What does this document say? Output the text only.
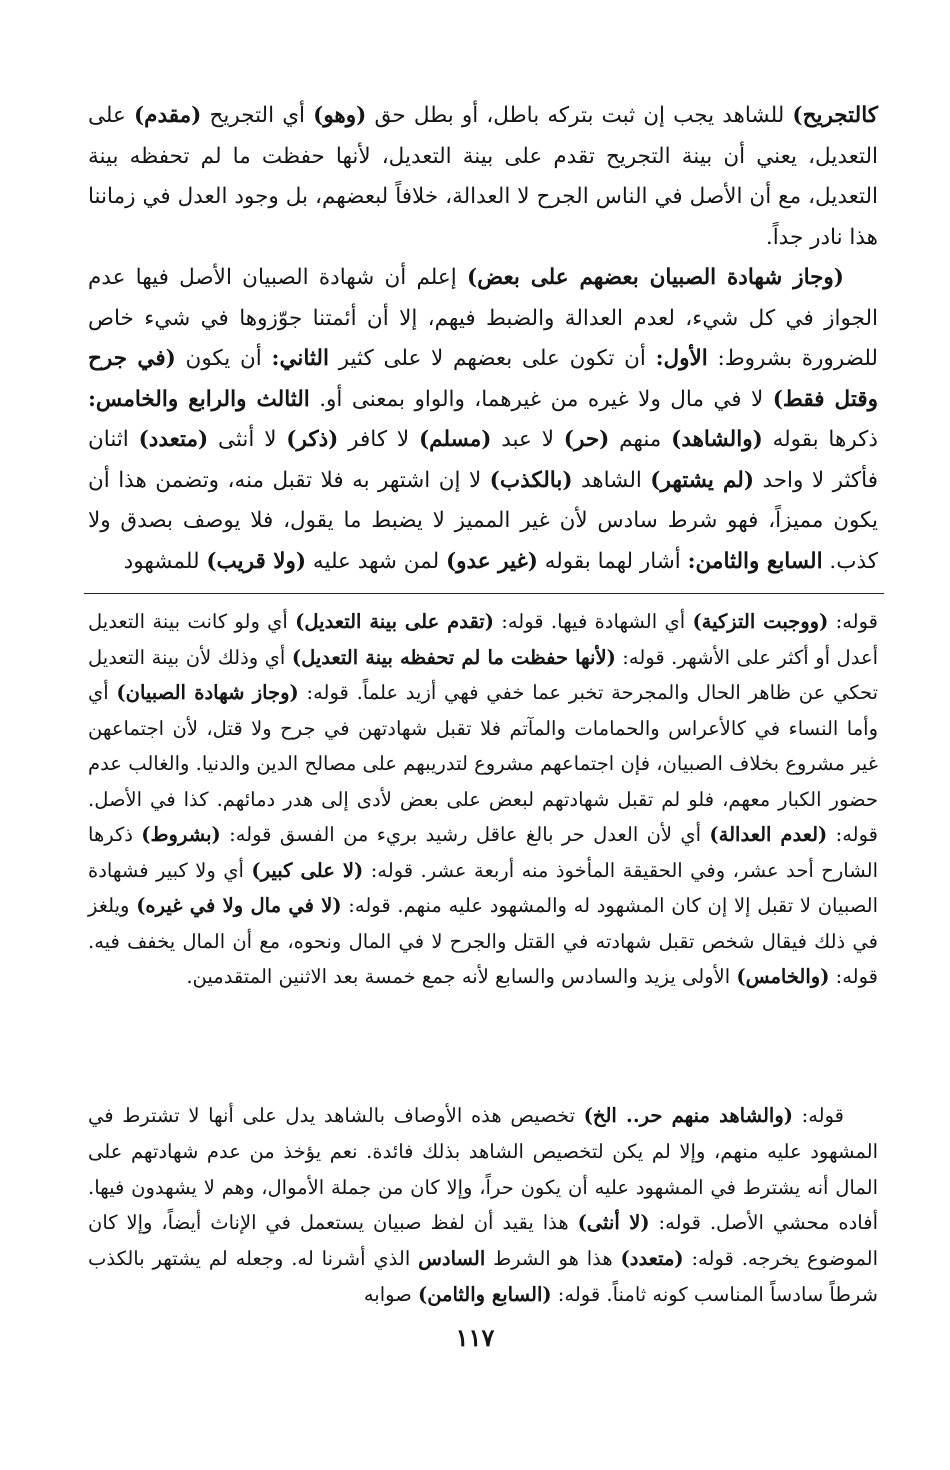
كالتجريح) للشاهد يجب إن ثبت بتركه باطل، أو بطل حق (وهو) أي التجريح (مقدم) على التعديل، يعني أن بينة التجريح تقدم على بينة التعديل، لأنها حفظت ما لم تحفظه بينة التعديل، مع أن الأصل في الناس الجرح لا العدالة، خلافاً لبعضهم، بل وجود العدل في زماننا هذا نادر جداً.

(وجاز شهادة الصبيان بعضهم على بعض) إعلم أن شهادة الصبيان الأصل فيها عدم الجواز في كل شيء، لعدم العدالة والضبط فيهم، إلا أن أئمتنا جوّزوها في شيء خاص للضرورة بشروط: الأول: أن تكون على بعضهم لا على كثير الثاني: أن يكون (في جرح وقتل فقط) لا في مال ولا غيره من غيرهما، والواو بمعنى أو. الثالث والرابع والخامس: ذكرها بقوله (والشاهد) منهم (حر) لا عبد (مسلم) لا كافر (ذكر) لا أنثى (متعدد) اثنان فأكثر لا واحد (لم يشتهر) الشاهد (بالكذب) لا إن اشتهر به فلا تقبل منه، وتضمن هذا أن يكون مميزاً، فهو شرط سادس لأن غير المميز لا يضبط ما يقول، فلا يوصف بصدق ولا كذب. السابع والثامن: أشار لهما بقوله (غير عدو) لمن شهد عليه (ولا قريب) للمشهود

قوله: (ووجبت التزكية) أي الشهادة فيها. قوله: (تقدم على بينة التعديل) أي ولو كانت بينة التعديل أعدل أو أكثر على الأشهر. قوله: (لأنها حفظت ما لم تحفظه بينة التعديل) أي وذلك لأن بينة التعديل تحكي عن ظاهر الحال والمجرحة تخبر عما خفي فهي أزيد علماً. قوله: (وجاز شهادة الصبيان) أي وأما النساء في كالأعراس والحمامات والمآتم فلا تقبل شهادتهن في جرح ولا قتل، لأن اجتماعهن غير مشروع بخلاف الصبيان، فإن اجتماعهم مشروع لتدريبهم على مصالح الدين والدنيا. والغالب عدم حضور الكبار معهم، فلو لم تقبل شهادتهم لبعض على بعض لأدى إلى هدر دمائهم. كذا في الأصل. قوله: (لعدم العدالة) أي لأن العدل حر بالغ عاقل رشيد بريء من الفسق قوله: (بشروط) ذكرها الشارح أحد عشر، وفي الحقيقة المأخوذ منه أربعة عشر. قوله: (لا على كبير) أي ولا كبير فشهادة الصبيان لا تقبل إلا إن كان المشهود له والمشهود عليه منهم. قوله: (لا في مال ولا في غيره) ويلغز في ذلك فيقال شخص تقبل شهادته في القتل والجرح لا في المال ونحوه، مع أن المال يخفف فيه. قوله: (والخامس) الأولى يزيد والسادس والسابع لأنه جمع خمسة بعد الاثنين المتقدمين.

قوله: (والشاهد منهم حر.. الخ) تخصيص هذه الأوصاف بالشاهد يدل على أنها لا تشترط في المشهود عليه منهم، وإلا لم يكن لتخصيص الشاهد بذلك فائدة. نعم يؤخذ من عدم شهادتهم على المال أنه يشترط في المشهود عليه أن يكون حراً، وإلا كان من جملة الأموال، وهم لا يشهدون فيها. أفاده محشي الأصل. قوله: (لا أنثى) هذا يقيد أن لفظ صبيان يستعمل في الإناث أيضاً، وإلا كان الموضوع يخرجه. قوله: (متعدد) هذا هو الشرط السادس الذي أشرنا له. وجعله لم يشتهر بالكذب شرطاً سادساً المناسب كونه ثامناً. قوله: (السابع والثامن) صوابه

١١٧
